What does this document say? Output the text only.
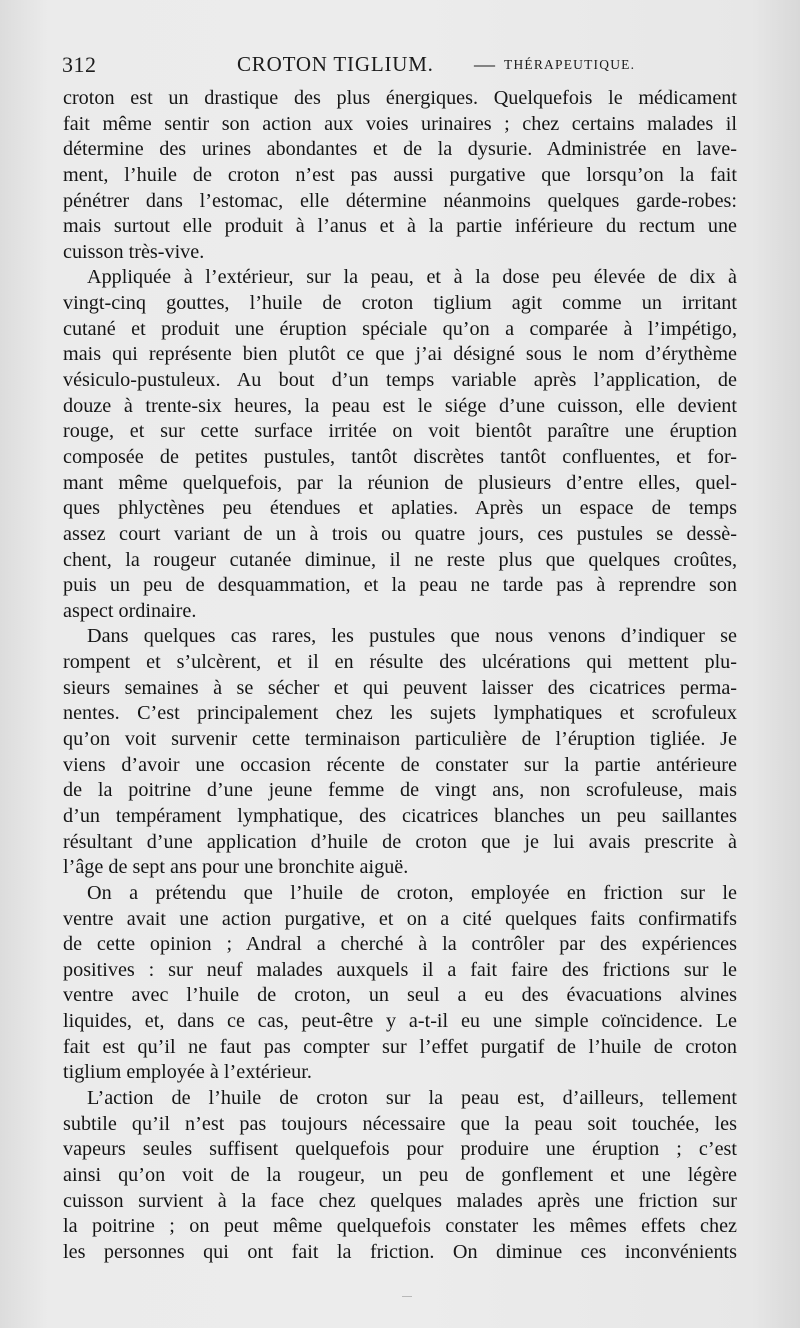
312	CROTON TIGLIUM. — THÉRAPEUTIQUE.
croton est un drastique des plus énergiques. Quelquefois le médicament
fait même sentir son action aux voies urinaires ; chez certains malades il
détermine des urines abondantes et de la dysurie. Administrée en lave-
ment, l’huile de croton n’est pas aussi purgative que lorsqu’on la fait
pénétrer dans l’estomac, elle détermine néanmoins quelques garde-robes:
mais surtout elle produit à l’anus et à la partie inférieure du rectum une
cuisson très-vive.
Appliquée à l’extérieur, sur la peau, et à la dose peu élevée de dix à
vingt-cinq gouttes, l’huile de croton tiglium agit comme un irritant
cutané et produit une éruption spéciale qu’on a comparée à l’impétigo,
mais qui représente bien plutôt ce que j’ai désigné sous le nom d’érythème
vésiculo-pustuleux. Au bout d’un temps variable après l’application, de
douze à trente-six heures, la peau est le siége d’une cuisson, elle devient
rouge, et sur cette surface irritée on voit bientôt paraître une éruption
composée de petites pustules, tantôt discrètes tantôt confluentes, et for-
mant même quelquefois, par la réunion de plusieurs d’entre elles, quel-
ques phlyctènes peu étendues et aplaties. Après un espace de temps
assez court variant de un à trois ou quatre jours, ces pustules se dessè-
chent, la rougeur cutanée diminue, il ne reste plus que quelques croûtes,
puis un peu de desquammation, et la peau ne tarde pas à reprendre son
aspect ordinaire.
Dans quelques cas rares, les pustules que nous venons d’indiquer se
rompent et s’ulcèrent, et il en résulte des ulcérations qui mettent plu-
sieurs semaines à se sécher et qui peuvent laisser des cicatrices perma-
nentes. C’est principalement chez les sujets lymphatiques et scrofuleux
qu’on voit survenir cette terminaison particulière de l’éruption tigliée. Je
viens d’avoir une occasion récente de constater sur la partie antérieure
de la poitrine d’une jeune femme de vingt ans, non scrofuleuse, mais
d’un tempérament lymphatique, des cicatrices blanches un peu saillantes
résultant d’une application d’huile de croton que je lui avais prescrite à
l’âge de sept ans pour une bronchite aiguë.
On a prétendu que l’huile de croton, employée en friction sur le
ventre avait une action purgative, et on a cité quelques faits confirmatifs
de cette opinion ; Andral a cherché à la contrôler par des expériences
positives : sur neuf malades auxquels il a fait faire des frictions sur le
ventre avec l’huile de croton, un seul a eu des évacuations alvines
liquides, et, dans ce cas, peut-être y a-t-il eu une simple coïncidence. Le
fait est qu’il ne faut pas compter sur l’effet purgatif de l’huile de croton
tiglium employée à l’extérieur.
L’action de l’huile de croton sur la peau est, d’ailleurs, tellement
subtile qu’il n’est pas toujours nécessaire que la peau soit touchée, les
vapeurs seules suffisent quelquefois pour produire une éruption ; c’est
ainsi qu’on voit de la rougeur, un peu de gonflement et une légère
cuisson survient à la face chez quelques malades après une friction sur
la poitrine ; on peut même quelquefois constater les mêmes effets chez
les personnes qui ont fait la friction. On diminue ces inconvénients
